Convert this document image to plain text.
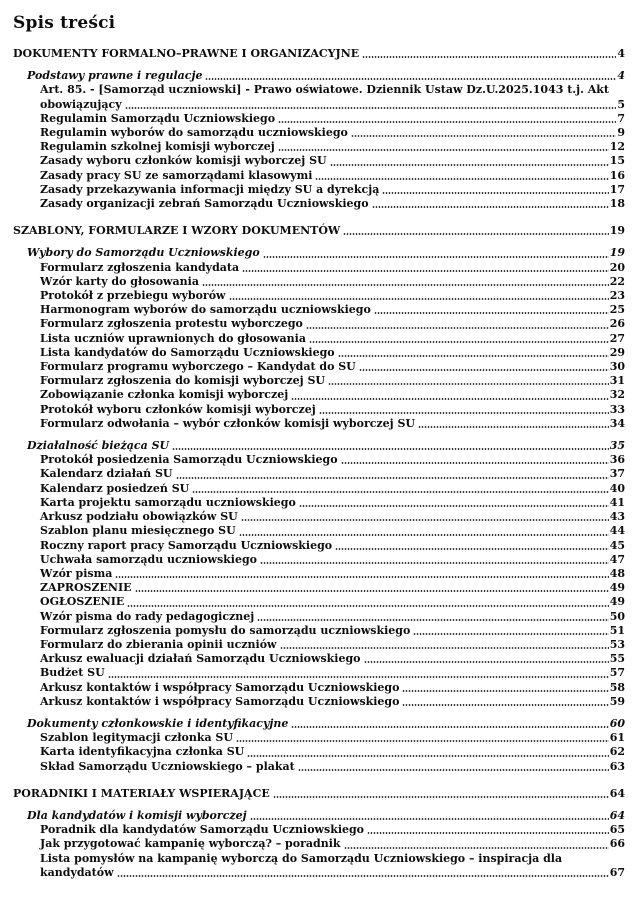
Spis treści
DOKUMENTY FORMALNO–PRAWNE I ORGANIZACYJNE	4
Podstawy prawne i regulacje	4
Art. 85. - [Samorząd uczniowski] - Prawo oświatowe. Dziennik Ustaw Dz.U.2025.1043 t.j. Akt
obowiązujący	5
Regulamin Samorządu Uczniowskiego	7
Regulamin wyborów do samorządu uczniowskiego	9
Regulamin szkolnej komisji wyborczej	12
Zasady wyboru członków komisji wyborczej SU	15
Zasady pracy SU ze samorządami klasowymi	16
Zasady przekazywania informacji między SU a dyrekcją	17
Zasady organizacji zebrań Samorządu Uczniowskiego	18
SZABLONY, FORMULARZE I WZORY DOKUMENTÓW	19
Wybory do Samorządu Uczniowskiego	19
Formularz zgłoszenia kandydata	20
Wzór karty do głosowania	22
Protokół z przebiegu wyborów	23
Harmonogram wyborów do samorządu uczniowskiego	25
Formularz zgłoszenia protestu wyborczego	26
Lista uczniów uprawnionych do głosowania	27
Lista kandydatów do Samorządu Uczniowskiego	29
Formularz programu wyborczego – Kandydat do SU	30
Formularz zgłoszenia do komisji wyborczej SU	31
Zobowiązanie członka komisji wyborczej	32
Protokół wyboru członków komisji wyborczej	33
Formularz odwołania – wybór członków komisji wyborczej SU	34
Działalność bieżąca SU	35
Protokół posiedzenia Samorządu Uczniowskiego	36
Kalendarz działań SU	37
Kalendarz posiedzeń SU	40
Karta projektu samorządu uczniowskiego	41
Arkusz podziału obowiązków SU	43
Szablon planu miesięcznego SU	44
Roczny raport pracy Samorządu Uczniowskiego	45
Uchwała samorządu uczniowskiego	47
Wzór pisma	48
ZAPROSZENIE	49
OGŁOSZENIE	49
Wzór pisma do rady pedagogicznej	50
Formularz zgłoszenia pomysłu do samorządu uczniowskiego	51
Formularz do zbierania opinii uczniów	53
Arkusz ewaluacji działań Samorządu Uczniowskiego	55
Budżet SU	57
Arkusz kontaktów i współpracy Samorządu Uczniowskiego	58
Arkusz kontaktów i współpracy Samorządu Uczniowskiego	59
Dokumenty członkowskie i identyfikacyjne	60
Szablon legitymacji członka SU	61
Karta identyfikacyjna członka SU	62
Skład Samorządu Uczniowskiego – plakat	63
PORADNIKI I MATERIAŁY WSPIERAJĄCE	64
Dla kandydatów i komisji wyborczej	64
Poradnik dla kandydatów Samorządu Uczniowskiego	65
Jak przygotować kampanię wyborczą? – poradnik	66
Lista pomysłów na kampanię wyborczą do Samorządu Uczniowskiego – inspiracja dla
kandydatów	67
